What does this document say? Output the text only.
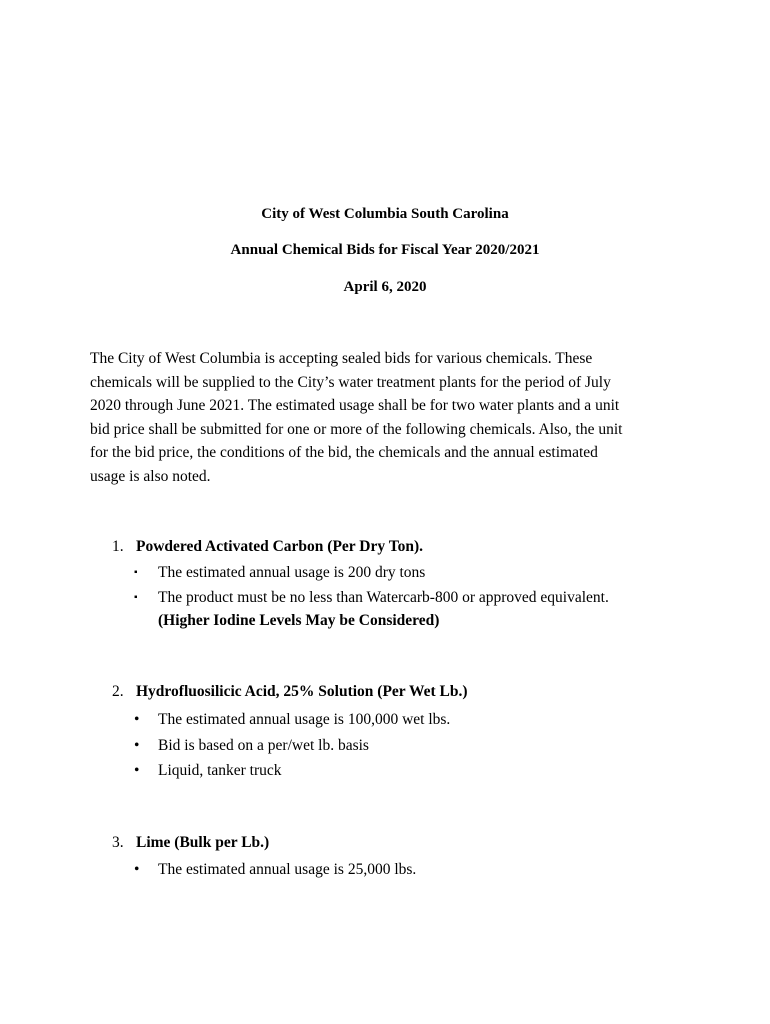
City of West Columbia South Carolina
Annual Chemical Bids for Fiscal Year 2020/2021
April 6, 2020
The City of West Columbia is accepting sealed bids for various chemicals. These
chemicals will be supplied to the City’s water treatment plants for the period of July
2020 through June 2021. The estimated usage shall be for two water plants and a unit
bid price shall be submitted for one or more of the following chemicals. Also, the unit
for the bid price, the conditions of the bid, the chemicals and the annual estimated
usage is also noted.
1. Powdered Activated Carbon (Per Dry Ton).
▪ The estimated annual usage is 200 dry tons
▪ The product must be no less than Watercarb-800 or approved equivalent.
(Higher Iodine Levels May be Considered)
2. Hydrofluosilicic Acid, 25% Solution (Per Wet Lb.)
• The estimated annual usage is 100,000 wet lbs.
• Bid is based on a per/wet lb. basis
• Liquid, tanker truck
3. Lime (Bulk per Lb.)
• The estimated annual usage is 25,000 lbs.
